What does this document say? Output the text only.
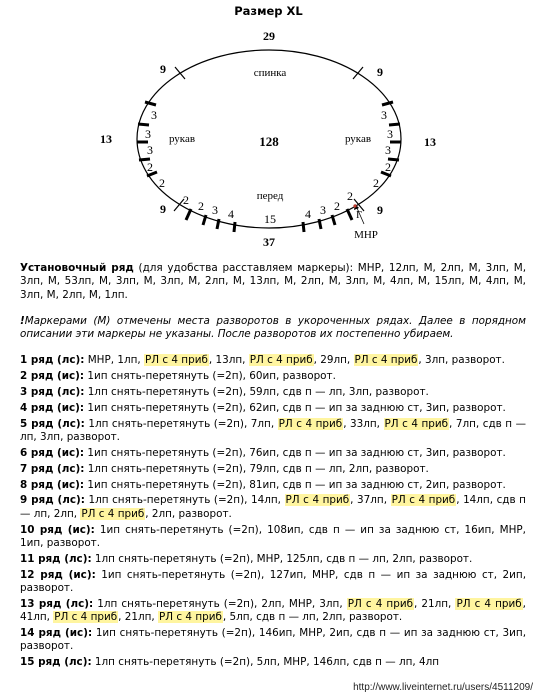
Размер XL
29
37
128
спинка
рукав	рукав
перед
13	13
9	9
9	9
15
МНР
Г
3
3
3
2
2
3
3
3
2
2
2 2 3 4	4 3 2
2
Установочный ряд (для удобства расставляем маркеры): МНР, 12лп, М, 2лп, М, 3лп, М, 3лп, М, 53лп, М, 3лп, М, 3лп, М, 2лп, М, 13лп, М, 2лп, М, 3лп, М, 4лп, М, 15лп, М, 4лп, М, 3лп, М, 2лп, М, 1лп.
!Маркерами (М) отмечены места разворотов в укороченных рядах. Далее в порядном описании эти маркеры не указаны. После разворотов их постепенно убираем.
1 ряд (лс): МНР, 1лп, РЛ с 4 приб, 13лп, РЛ с 4 приб, 29лп, РЛ с 4 приб, 3лп, разворот.
2 ряд (ис): 1ип снять-перетянуть (=2п), 60ип, разворот.
3 ряд (лс): 1лп снять-перетянуть (=2п), 59лп, сдв п — лп, 3лп, разворот.
4 ряд (ис): 1ип снять-перетянуть (=2п), 62ип, сдв п — ип за заднюю ст, 3ип, разворот.
5 ряд (лс): 1лп снять-перетянуть (=2п), 7лп, РЛ с 4 приб, 33лп, РЛ с 4 приб, 7лп, сдв п — лп, 3лп, разворот.
6 ряд (ис): 1ип снять-перетянуть (=2п), 76ип, сдв п — ип за заднюю ст, 3ип, разворот.
7 ряд (лс): 1лп снять-перетянуть (=2п), 79лп, сдв п — лп, 2лп, разворот.
8 ряд (ис): 1ип снять-перетянуть (=2п), 81ип, сдв п — ип за заднюю ст, 2ип, разворот.
9 ряд (лс): 1лп снять-перетянуть (=2п), 14лп, РЛ с 4 приб, 37лп, РЛ с 4 приб, 14лп, сдв п — лп, 2лп, РЛ с 4 приб, 2лп, разворот.
10 ряд (ис): 1ип снять-перетянуть (=2п), 108ип, сдв п — ип за заднюю ст, 16ип, МНР, 1ип, разворот.
11 ряд (лс): 1лп снять-перетянуть (=2п), МНР, 125лп, сдв п — лп, 2лп, разворот.
12 ряд (ис): 1ип снять-перетянуть (=2п), 127ип, МНР, сдв п — ип за заднюю ст, 2ип, разворот.
13 ряд (лс): 1лп снять-перетянуть (=2п), 2лп, МНР, 3лп, РЛ с 4 приб, 21лп, РЛ с 4 приб, 41лп, РЛ с 4 приб, 21лп, РЛ с 4 приб, 5лп, сдв п — лп, 2лп, разворот.
14 ряд (ис): 1ип снять-перетянуть (=2п), 146ип, МНР, 2ип, сдв п — ип за заднюю ст, 3ип, разворот.
15 ряд (лс): 1лп снять-перетянуть (=2п), 5лп, МНР, 146лп, сдв п — лп, 4лп
http://www.liveinternet.ru/users/4511209/
